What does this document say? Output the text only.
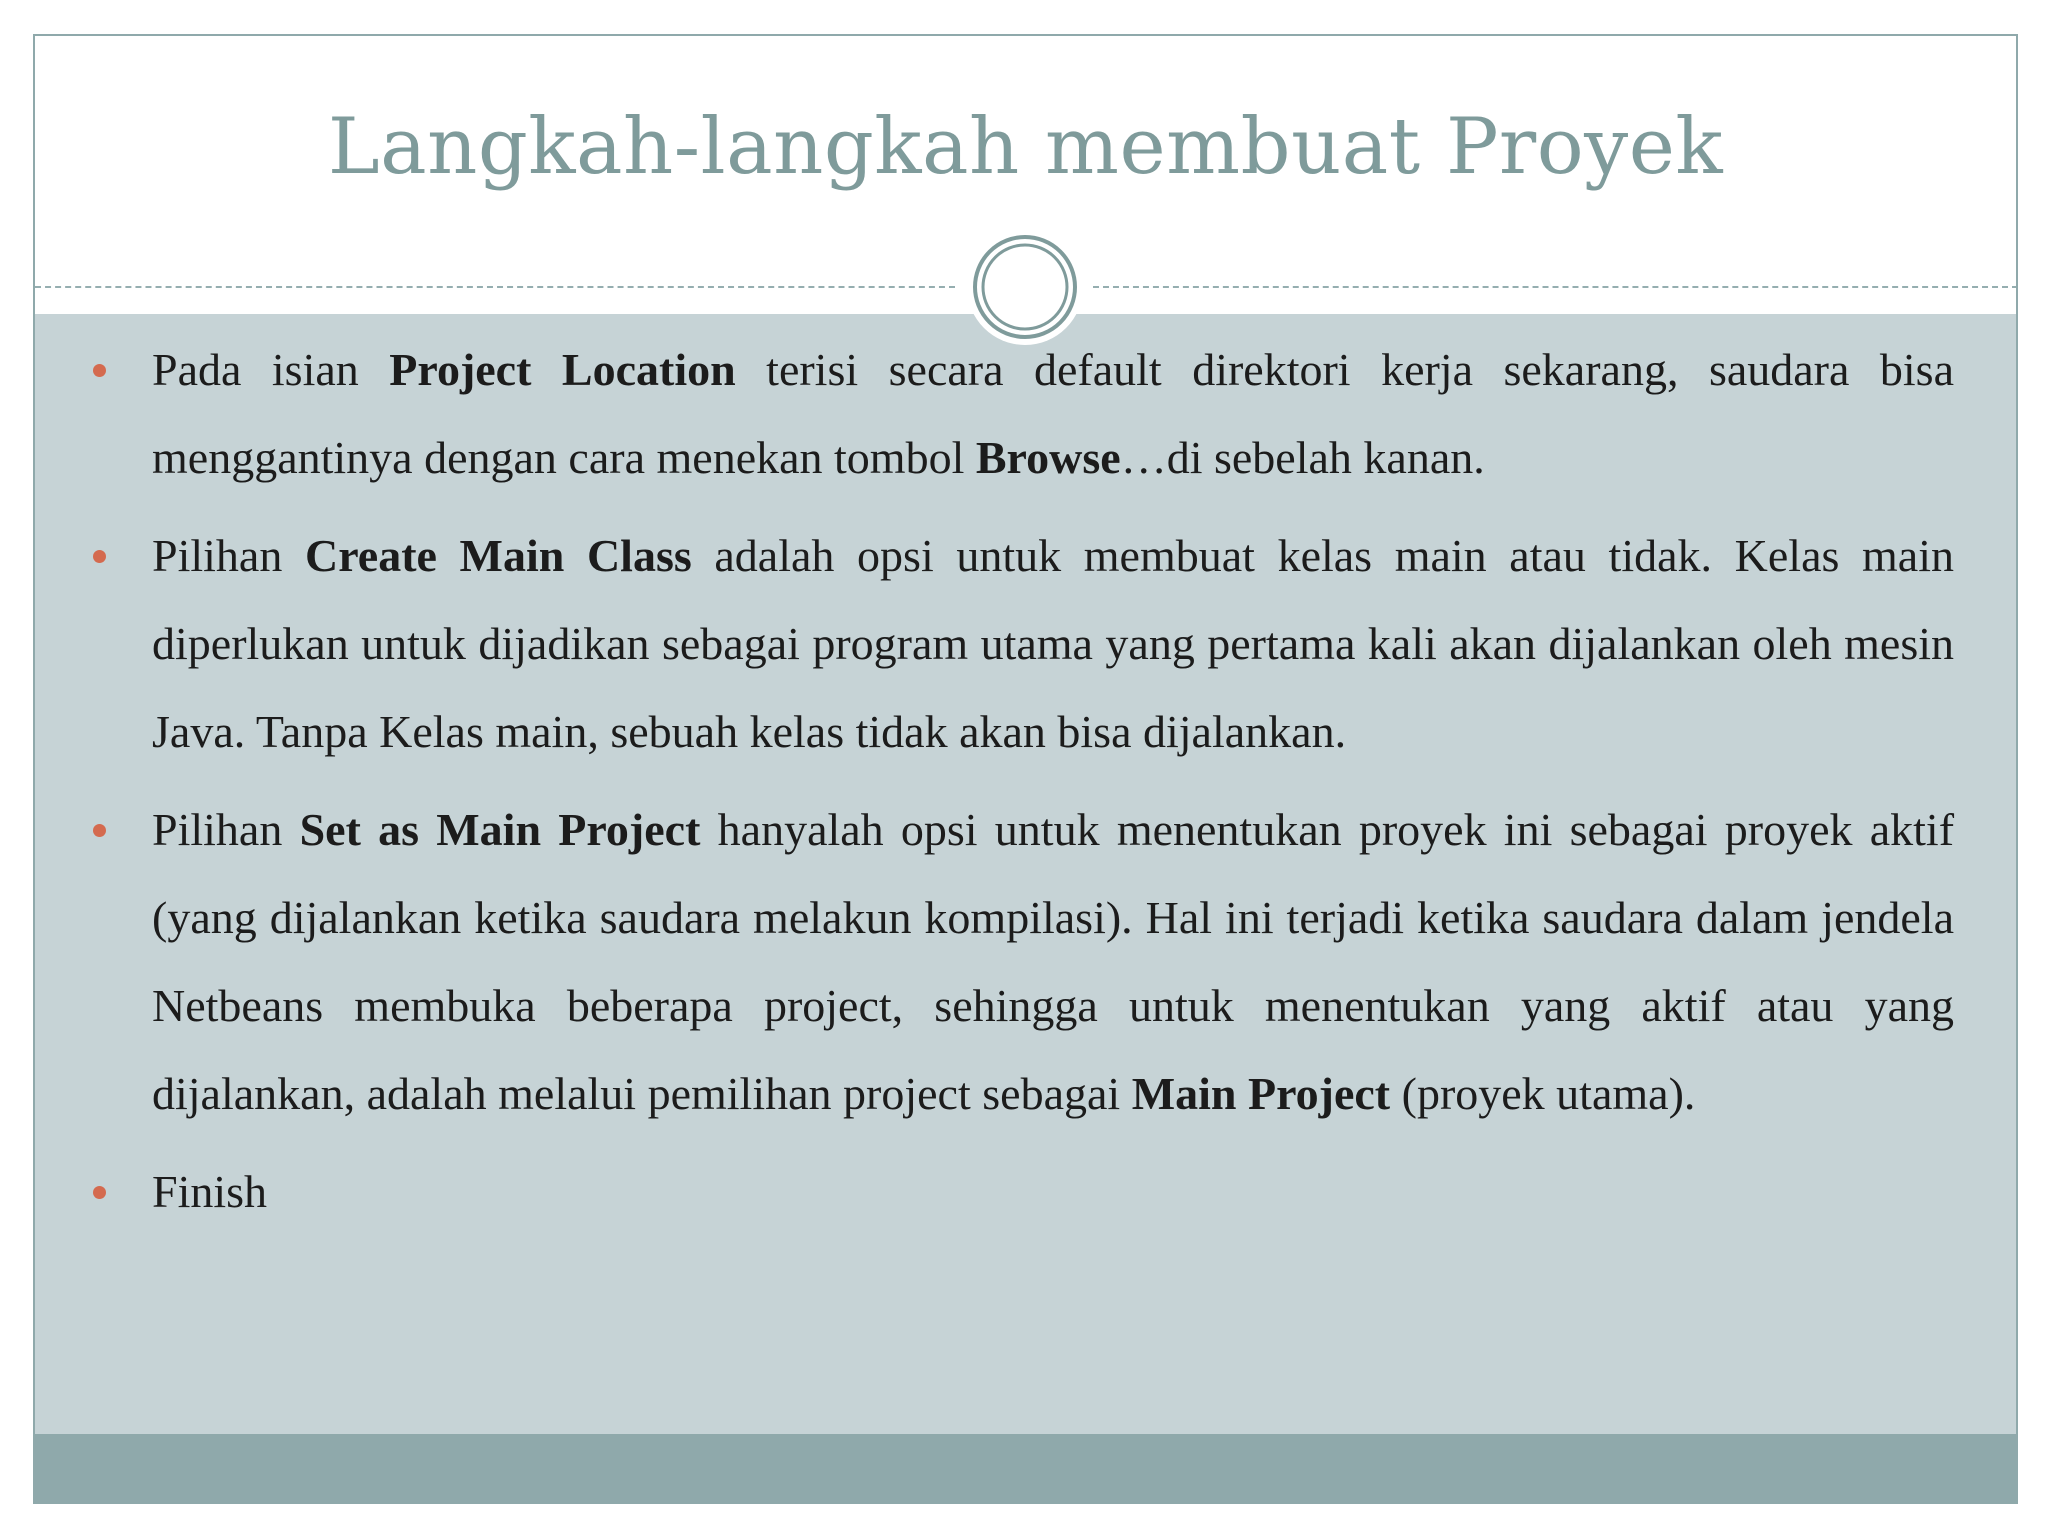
Langkah-langkah membuat Proyek
Pada isian Project Location terisi secara default direktori kerja sekarang, saudara bisa menggantinya dengan cara menekan tombol Browse…di sebelah kanan.
Pilihan Create Main Class adalah opsi untuk membuat kelas main atau tidak. Kelas main diperlukan untuk dijadikan sebagai program utama yang pertama kali akan dijalankan oleh mesin Java. Tanpa Kelas main, sebuah kelas tidak akan bisa dijalankan.
Pilihan Set as Main Project hanyalah opsi untuk menentukan proyek ini sebagai proyek aktif (yang dijalankan ketika saudara melakun kompilasi). Hal ini terjadi ketika saudara dalam jendela Netbeans membuka beberapa project, sehingga untuk menentukan yang aktif atau yang dijalankan, adalah melalui pemilihan project sebagai Main Project (proyek utama).
Finish
